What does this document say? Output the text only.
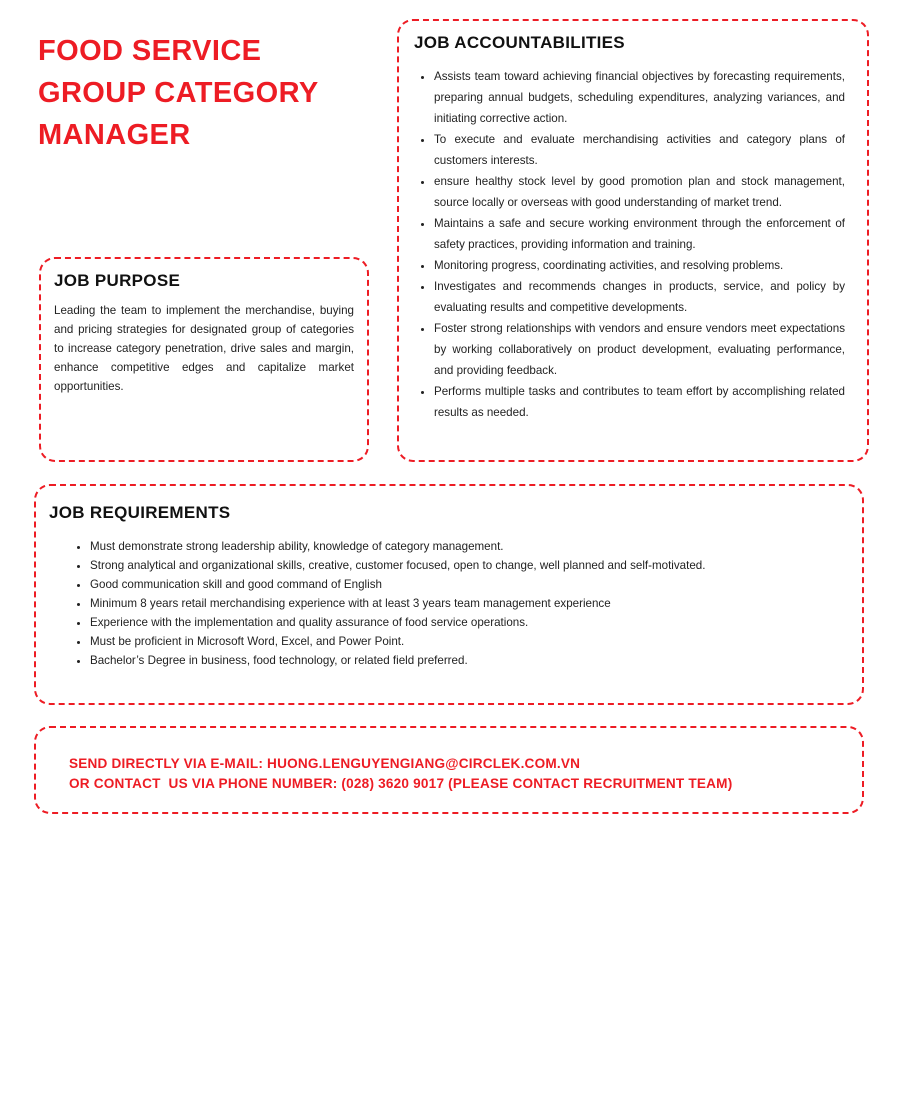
FOOD SERVICE
GROUP CATEGORY
MANAGER
JOB ACCOUNTABILITIES
• Assists team toward achieving financial objectives by forecasting requirements, preparing annual budgets, scheduling expenditures, analyzing variances, and initiating corrective action.
• To execute and evaluate merchandising activities and category plans of customers interests.
• ensure healthy stock level by good promotion plan and stock management, source locally or overseas with good understanding of market trend.
• Maintains a safe and secure working environment through the enforcement of safety practices, providing information and training.
• Monitoring progress, coordinating activities, and resolving problems.
• Investigates and recommends changes in products, service, and policy by evaluating results and competitive developments.
• Foster strong relationships with vendors and ensure vendors meet expectations by working collaboratively on product development, evaluating performance, and providing feedback.
• Performs multiple tasks and contributes to team effort by accomplishing related results as needed.
JOB PURPOSE

Leading the team to implement the merchandise, buying and pricing strategies for designated group of categories to increase category penetration, drive sales and margin, enhance competitive edges and capitalize market opportunities.

JOB REQUIREMENTS
• Must demonstrate strong leadership ability, knowledge of category management.
• Strong analytical and organizational skills, creative, customer focused, open to change, well planned and self-motivated.
• Good communication skill and good command of English
• Minimum 8 years retail merchandising experience with at least 3 years team management experience
• Experience with the implementation and quality assurance of food service operations.
• Must be proficient in Microsoft Word, Excel, and Power Point.
• Bachelor’s Degree in business, food technology, or related field preferred.
SEND DIRECTLY VIA E-MAIL: HUONG.LENGUYENGIANG@CIRCLEK.COM.VN
OR CONTACT  US VIA PHONE NUMBER: (028) 3620 9017 (PLEASE CONTACT RECRUITMENT TEAM)
